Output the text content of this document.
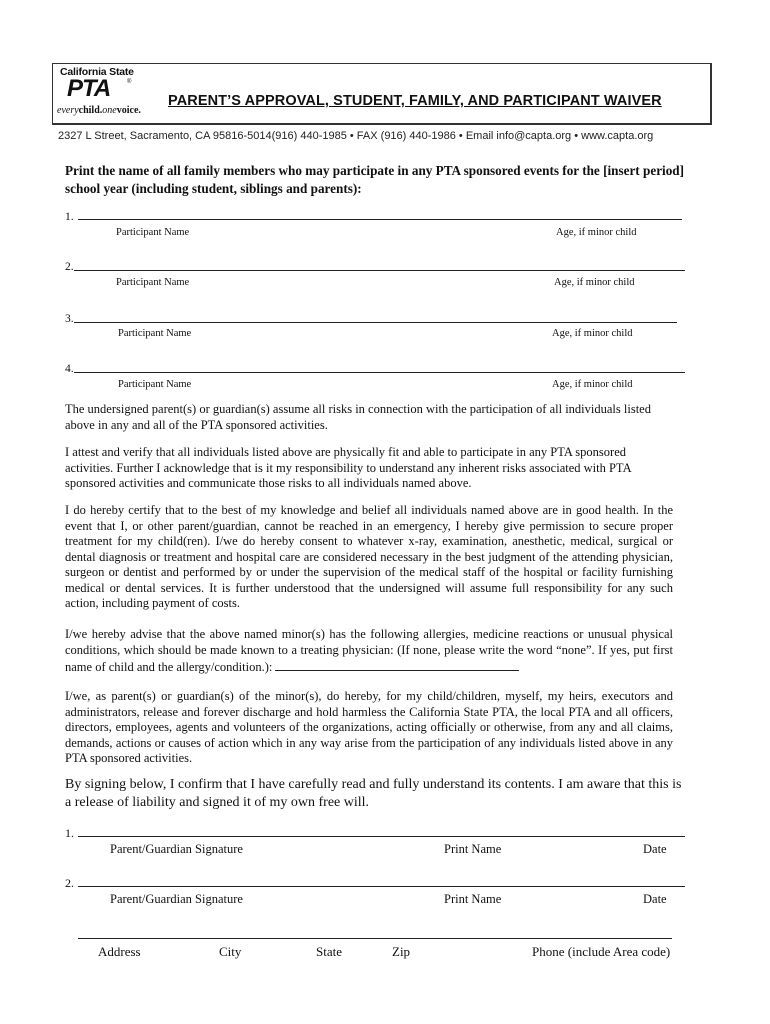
California State
PTA	®
everychild.onevoice.
PARENT’S APPROVAL, STUDENT, FAMILY, AND PARTICIPANT WAIVER
2327 L Street, Sacramento, CA 95816-5014(916) 440-1985 • FAX (916) 440-1986 • Email info@capta.org • www.capta.org
Print the name of all family members who may participate in any PTA sponsored events for the [insert period] school year (including student, siblings and parents):
1.
Participant Name	Age, if minor child
2.
Participant Name	Age, if minor child
3.
Participant Name	Age, if minor child
4.
Participant Name	Age, if minor child
The undersigned parent(s) or guardian(s) assume all risks in connection with the participation of all individuals listed above in any and all of the PTA sponsored activities.
I attest and verify that all individuals listed above are physically fit and able to participate in any PTA sponsored activities. Further I acknowledge that is it my responsibility to understand any inherent risks associated with PTA sponsored activities and communicate those risks to all individuals named above.
I do hereby certify that to the best of my knowledge and belief all individuals named above are in good health. In the event that I, or other parent/guardian, cannot be reached in an emergency, I hereby give permission to secure proper treatment for my child(ren). I/we do hereby consent to whatever x-ray, examination, anesthetic, medical, surgical or dental diagnosis or treatment and hospital care are considered necessary in the best judgment of the attending physician, surgeon or dentist and performed by or under the supervision of the medical staff of the hospital or facility furnishing medical or dental services. It is further understood that the undersigned will assume full responsibility for any such action, including payment of costs.
I/we hereby advise that the above named minor(s) has the following allergies, medicine reactions or unusual physical conditions, which should be made known to a treating physician: (If none, please write the word “none”. If yes, put first name of child and the allergy/condition.):
I/we, as parent(s) or guardian(s) of the minor(s), do hereby, for my child/children, myself, my heirs, executors and administrators, release and forever discharge and hold harmless the California State PTA, the local PTA and all officers, directors, employees, agents and volunteers of the organizations, acting officially or otherwise, from any and all claims, demands, actions or causes of action which in any way arise from the participation of any individuals listed above in any PTA sponsored activities.
By signing below, I confirm that I have carefully read and fully understand its contents. I am aware that this is a release of liability and signed it of my own free will.
1.
Parent/Guardian Signature	Print Name	Date
2.
Parent/Guardian Signature	Print Name	Date
Address	City	State	Zip	Phone (include Area code)
